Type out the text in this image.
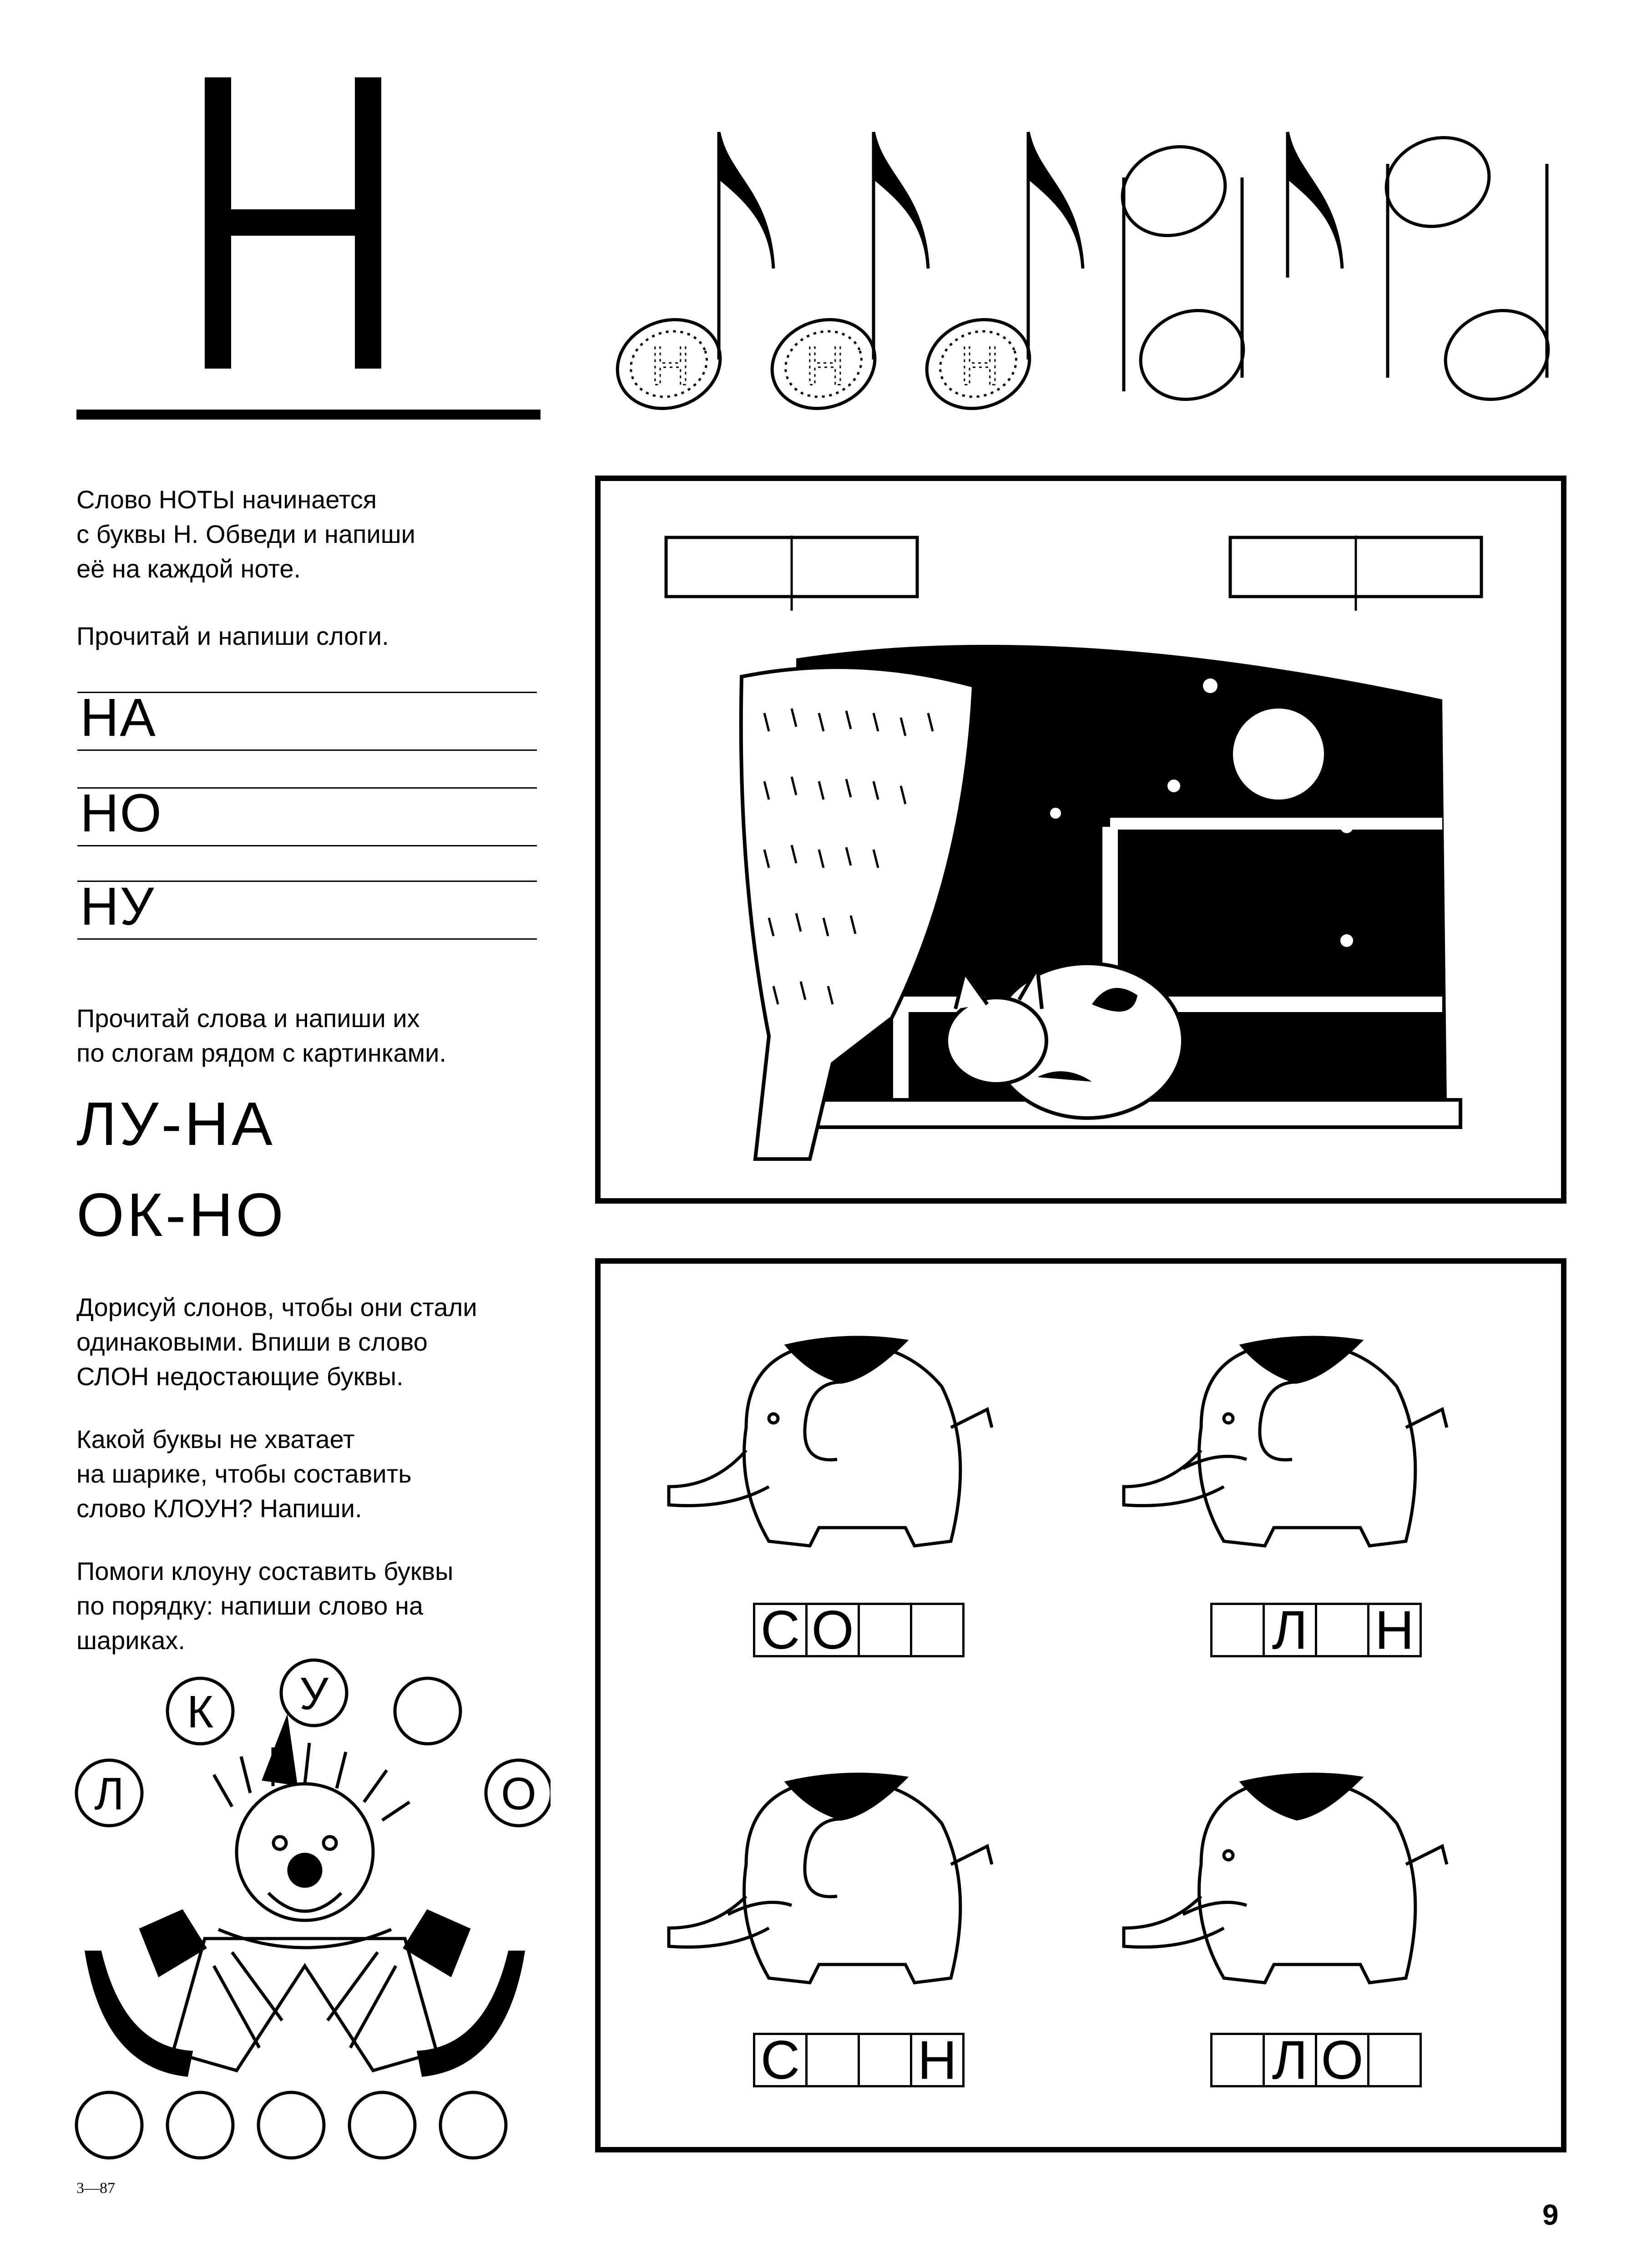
Н Н Н
Слово НОТЫ начинается
с буквы Н. Обведи и напиши
её на каждой ноте.
Прочитай и напиши слоги.
НА
НО
НУ
Прочитай слова и напиши их
по слогам рядом с картинками.
ЛУ-НА
ОК-НО
Дорисуй слонов, чтобы они стали
одинаковыми. Впиши в слово
СЛОН недостающие буквы.
Какой буквы не хватает
на шарике, чтобы составить
слово КЛОУН? Напиши.
Помоги клоуну составить буквы
по порядку: напиши слово на
шариках.
Л
К У
О
С О	Л Н
С Н	Л О
3—87
9
